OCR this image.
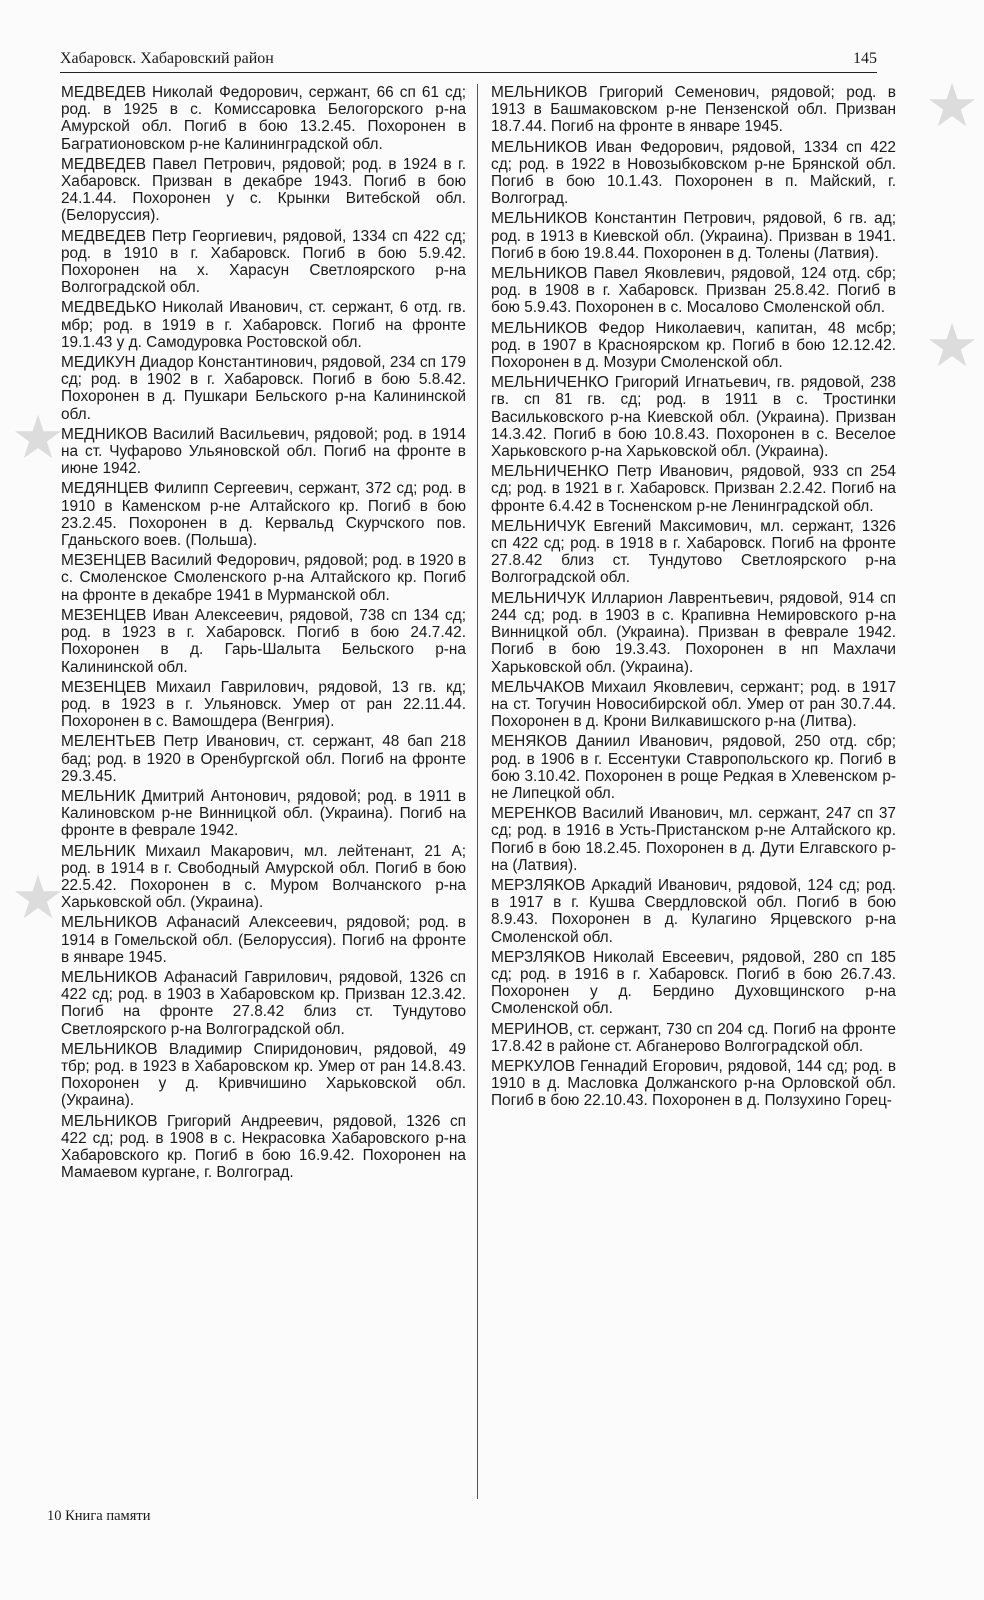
Хабаровск. Хабаровский район	145
★
★
★
★

МЕДВЕДЕВ Николай Федорович, сержант, 66 сп 61 сд; род. в 1925 в с. Комиссаровка Белогорского р-на Амурской обл. Погиб в бою 13.2.45. Похоронен в Багратионовском р-не Калининградской обл.

МЕДВЕДЕВ Павел Петрович, рядовой; род. в 1924 в г. Хабаровск. Призван в декабре 1943. Погиб в бою 24.1.44. Похоронен у с. Крынки Витебской обл. (Белоруссия).

МЕДВЕДЕВ Петр Георгиевич, рядовой, 1334 сп 422 сд; род. в 1910 в г. Хабаровск. Погиб в бою 5.9.42. Похоронен на х. Харасун Светлоярского р-на Волгоградской обл.

МЕДВЕДЬКО Николай Иванович, ст. сержант, 6 отд. гв. мбр; род. в 1919 в г. Хабаровск. Погиб на фронте 19.1.43 у д. Самодуровка Ростовской обл.

МЕДИКУН Диадор Константинович, рядовой, 234 сп 179 сд; род. в 1902 в г. Хабаровск. Погиб в бою 5.8.42. Похоронен в д. Пушкари Бельского р-на Калининской обл.

МЕДНИКОВ Василий Васильевич, рядовой; род. в 1914 на ст. Чуфарово Ульяновской обл. Погиб на фронте в июне 1942.

МЕДЯНЦЕВ Филипп Сергеевич, сержант, 372 сд; род. в 1910 в Каменском р-не Алтайского кр. Погиб в бою 23.2.45. Похоронен в д. Кервальд Скурчского пов. Гданьского воев. (Польша).

МЕЗЕНЦЕВ Василий Федорович, рядовой; род. в 1920 в с. Смоленское Смоленского р-на Алтайского кр. Погиб на фронте в декабре 1941 в Мурманской обл.

МЕЗЕНЦЕВ Иван Алексеевич, рядовой, 738 сп 134 сд; род. в 1923 в г. Хабаровск. Погиб в бою 24.7.42. Похоронен в д. Гарь-Шалыта Бельского р-на Калининской обл.

МЕЗЕНЦЕВ Михаил Гаврилович, рядовой, 13 гв. кд; род. в 1923 в г. Ульяновск. Умер от ран 22.11.44. Похоронен в с. Вамошдера (Венгрия).

МЕЛЕНТЬЕВ Петр Иванович, ст. сержант, 48 бап 218 бад; род. в 1920 в Оренбургской обл. Погиб на фронте 29.3.45.

МЕЛЬНИК Дмитрий Антонович, рядовой; род. в 1911 в Калиновском р-не Винницкой обл. (Украина). Погиб на фронте в феврале 1942.

МЕЛЬНИК Михаил Макарович, мл. лейтенант, 21 А; род. в 1914 в г. Свободный Амурской обл. Погиб в бою 22.5.42. Похоронен в с. Муром Волчанского р-на Харьковской обл. (Украина).

МЕЛЬНИКОВ Афанасий Алексеевич, рядовой; род. в 1914 в Гомельской обл. (Белоруссия). Погиб на фронте в январе 1945.

МЕЛЬНИКОВ Афанасий Гаврилович, рядовой, 1326 сп 422 сд; род. в 1903 в Хабаровском кр. Призван 12.3.42. Погиб на фронте 27.8.42 близ ст. Тундутово Светлоярского р-на Волгоградской обл.

МЕЛЬНИКОВ Владимир Спиридонович, рядовой, 49 тбр; род. в 1923 в Хабаровском кр. Умер от ран 14.8.43. Похоронен у д. Кривчишино Харьковской обл. (Украина).

МЕЛЬНИКОВ Григорий Андреевич, рядовой, 1326 сп 422 сд; род. в 1908 в с. Некрасовка Хабаровского р-на Хабаровского кр. Погиб в бою 16.9.42. Похоронен на Мамаевом кургане, г. Волгоград.

МЕЛЬНИКОВ Григорий Семенович, рядовой; род. в 1913 в Башмаковском р-не Пензенской обл. Призван 18.7.44. Погиб на фронте в январе 1945.

МЕЛЬНИКОВ Иван Федорович, рядовой, 1334 сп 422 сд; род. в 1922 в Новозыбковском р-не Брянской обл. Погиб в бою 10.1.43. Похоронен в п. Майский, г. Волгоград.

МЕЛЬНИКОВ Константин Петрович, рядовой, 6 гв. ад; род. в 1913 в Киевской обл. (Украина). Призван в 1941. Погиб в бою 19.8.44. Похоронен в д. Толены (Латвия).

МЕЛЬНИКОВ Павел Яковлевич, рядовой, 124 отд. сбр; род. в 1908 в г. Хабаровск. Призван 25.8.42. Погиб в бою 5.9.43. Похоронен в с. Мосалово Смоленской обл.

МЕЛЬНИКОВ Федор Николаевич, капитан, 48 мсбр; род. в 1907 в Красноярском кр. Погиб в бою 12.12.42. Похоронен в д. Мозури Смоленской обл.

МЕЛЬНИЧЕНКО Григорий Игнатьевич, гв. рядовой, 238 гв. сп 81 гв. сд; род. в 1911 в с. Тростинки Васильковского р-на Киевской обл. (Украина). Призван 14.3.42. Погиб в бою 10.8.43. Похоронен в с. Веселое Харьковского р-на Харьковской обл. (Украина).

МЕЛЬНИЧЕНКО Петр Иванович, рядовой, 933 сп 254 сд; род. в 1921 в г. Хабаровск. Призван 2.2.42. Погиб на фронте 6.4.42 в Тосненском р-не Ленинградской обл.

МЕЛЬНИЧУК Евгений Максимович, мл. сержант, 1326 сп 422 сд; род. в 1918 в г. Хабаровск. Погиб на фронте 27.8.42 близ ст. Тундутово Светлоярского р-на Волгоградской обл.

МЕЛЬНИЧУК Илларион Лаврентьевич, рядовой, 914 сп 244 сд; род. в 1903 в с. Крапивна Немировского р-на Винницкой обл. (Украина). Призван в феврале 1942. Погиб в бою 19.3.43. Похоронен в нп Махлачи Харьковской обл. (Украина).

МЕЛЬЧАКОВ Михаил Яковлевич, сержант; род. в 1917 на ст. Тогучин Новосибирской обл. Умер от ран 30.7.44. Похоронен в д. Крони Вилкавишского р-на (Литва).

МЕНЯКОВ Даниил Иванович, рядовой, 250 отд. сбр; род. в 1906 в г. Ессентуки Ставропольского кр. Погиб в бою 3.10.42. Похоронен в роще Редкая в Хлевенском р-не Липецкой обл.

МЕРЕНКОВ Василий Иванович, мл. сержант, 247 сп 37 сд; род. в 1916 в Усть-Пристанском р-не Алтайского кр. Погиб в бою 18.2.45. Похоронен в д. Дути Елгавского р-на (Латвия).

МЕРЗЛЯКОВ Аркадий Иванович, рядовой, 124 сд; род. в 1917 в г. Кушва Свердловской обл. Погиб в бою 8.9.43. Похоронен в д. Кулагино Ярцевского р-на Смоленской обл.

МЕРЗЛЯКОВ Николай Евсеевич, рядовой, 280 сп 185 сд; род. в 1916 в г. Хабаровск. Погиб в бою 26.7.43. Похоронен у д. Бердино Духовщинского р-на Смоленской обл.

МЕРИНОВ, ст. сержант, 730 сп 204 сд. Погиб на фронте 17.8.42 в районе ст. Абганерово Волгоградской обл.

МЕРКУЛОВ Геннадий Егорович, рядовой, 144 сд; род. в 1910 в д. Масловка Должанского р-на Орловской обл. Погиб в бою 22.10.43. Похоронен в д. Ползухино Горец-

10 Книга памяти
